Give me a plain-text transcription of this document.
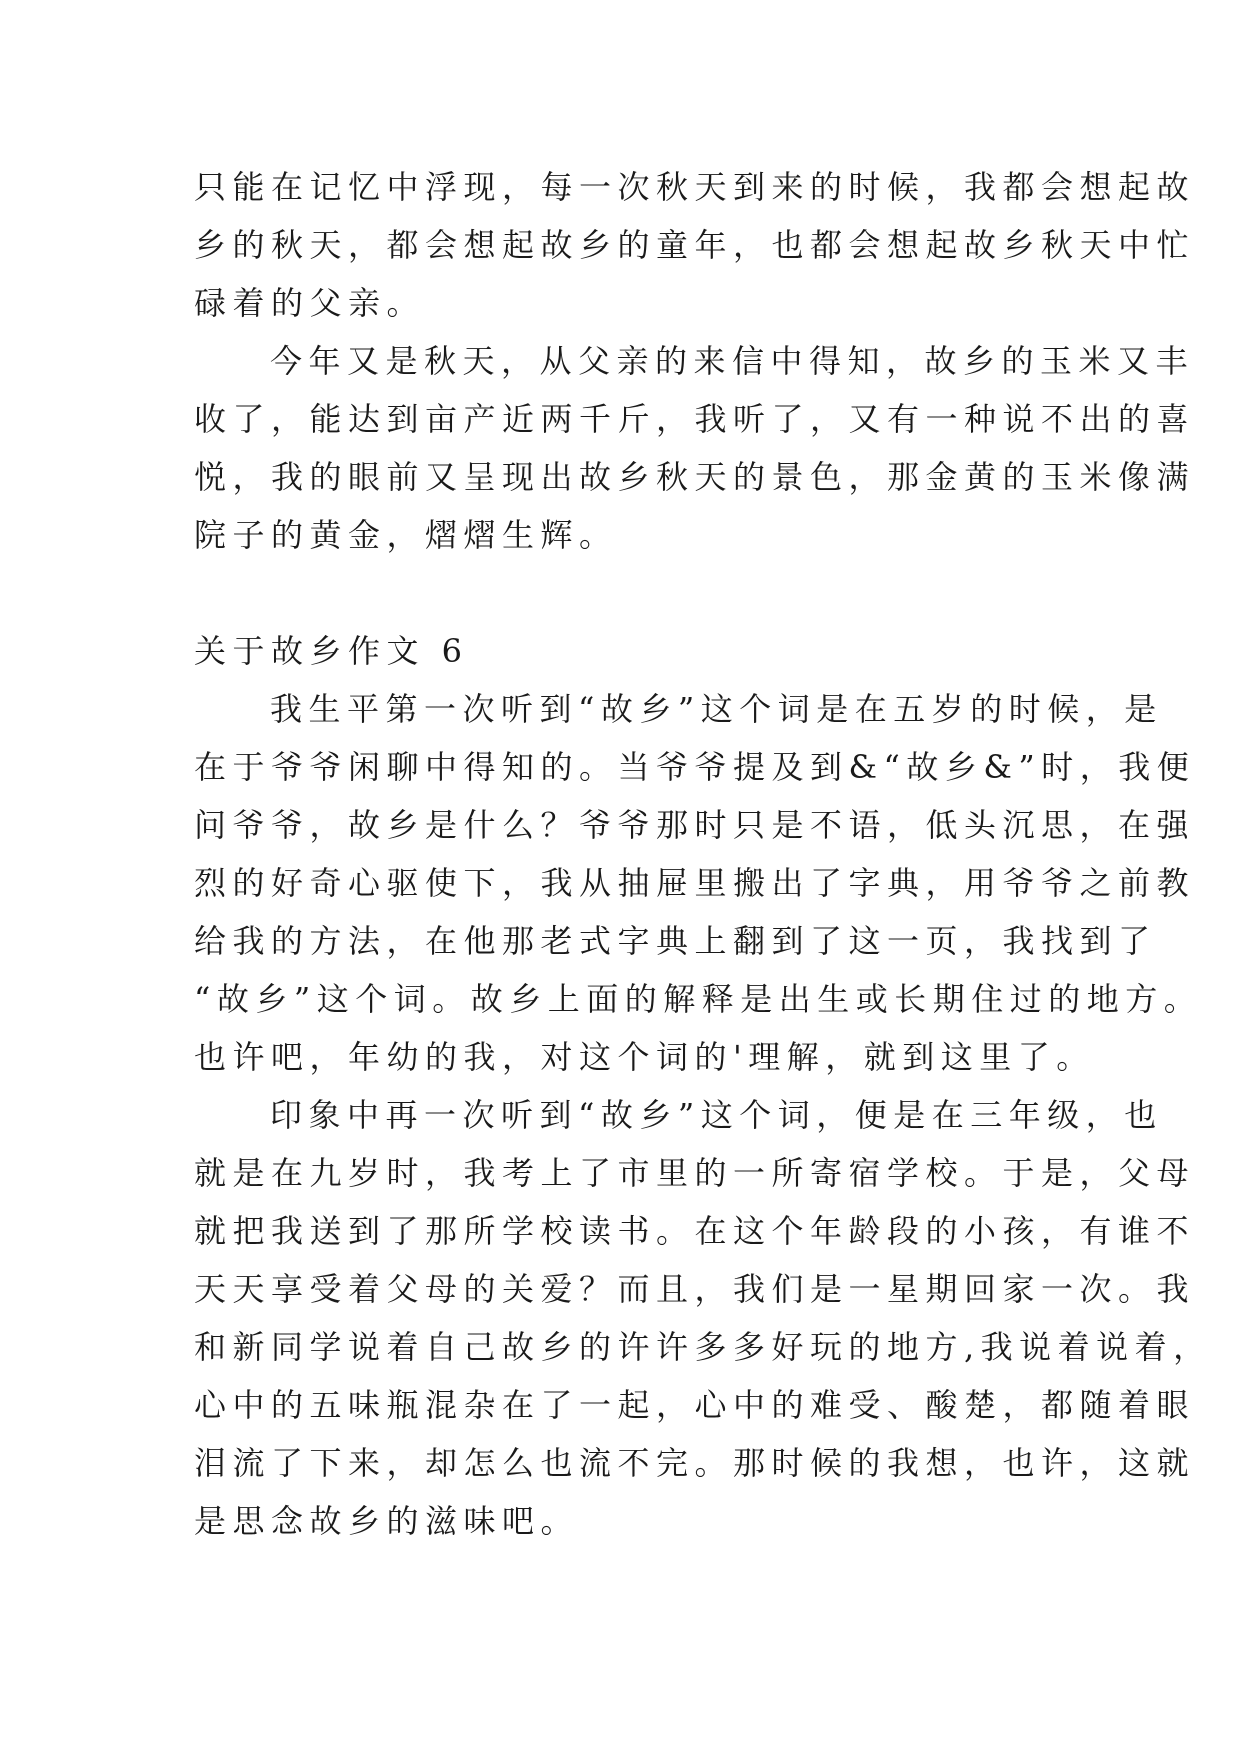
只能在记忆中浮现，每一次秋天到来的时候，我都会想起故
乡的秋天，都会想起故乡的童年，也都会想起故乡秋天中忙
碌着的父亲。
今年又是秋天，从父亲的来信中得知，故乡的玉米又丰
收了，能达到亩产近两千斤，我听了，又有一种说不出的喜
悦，我的眼前又呈现出故乡秋天的景色，那金黄的玉米像满
院子的黄金，熠熠生辉。
关于故乡作文 6
我生平第一次听到“故乡”这个词是在五岁的时候，是
在于爷爷闲聊中得知的。当爷爷提及到&“故乡&”时，我便
问爷爷，故乡是什么？爷爷那时只是不语，低头沉思，在强
烈的好奇心驱使下，我从抽屉里搬出了字典，用爷爷之前教
给我的方法，在他那老式字典上翻到了这一页，我找到了
“故乡”这个词。故乡上面的解释是出生或长期住过的地方。
也许吧，年幼的我，对这个词的'理解，就到这里了。
印象中再一次听到“故乡”这个词，便是在三年级，也
就是在九岁时，我考上了市里的一所寄宿学校。于是，父母
就把我送到了那所学校读书。在这个年龄段的小孩，有谁不
天天享受着父母的关爱？而且，我们是一星期回家一次。我
和新同学说着自己故乡的许许多多好玩的地方,我说着说着，
心中的五味瓶混杂在了一起，心中的难受、酸楚，都随着眼
泪流了下来，却怎么也流不完。那时候的我想，也许，这就
是思念故乡的滋味吧。
